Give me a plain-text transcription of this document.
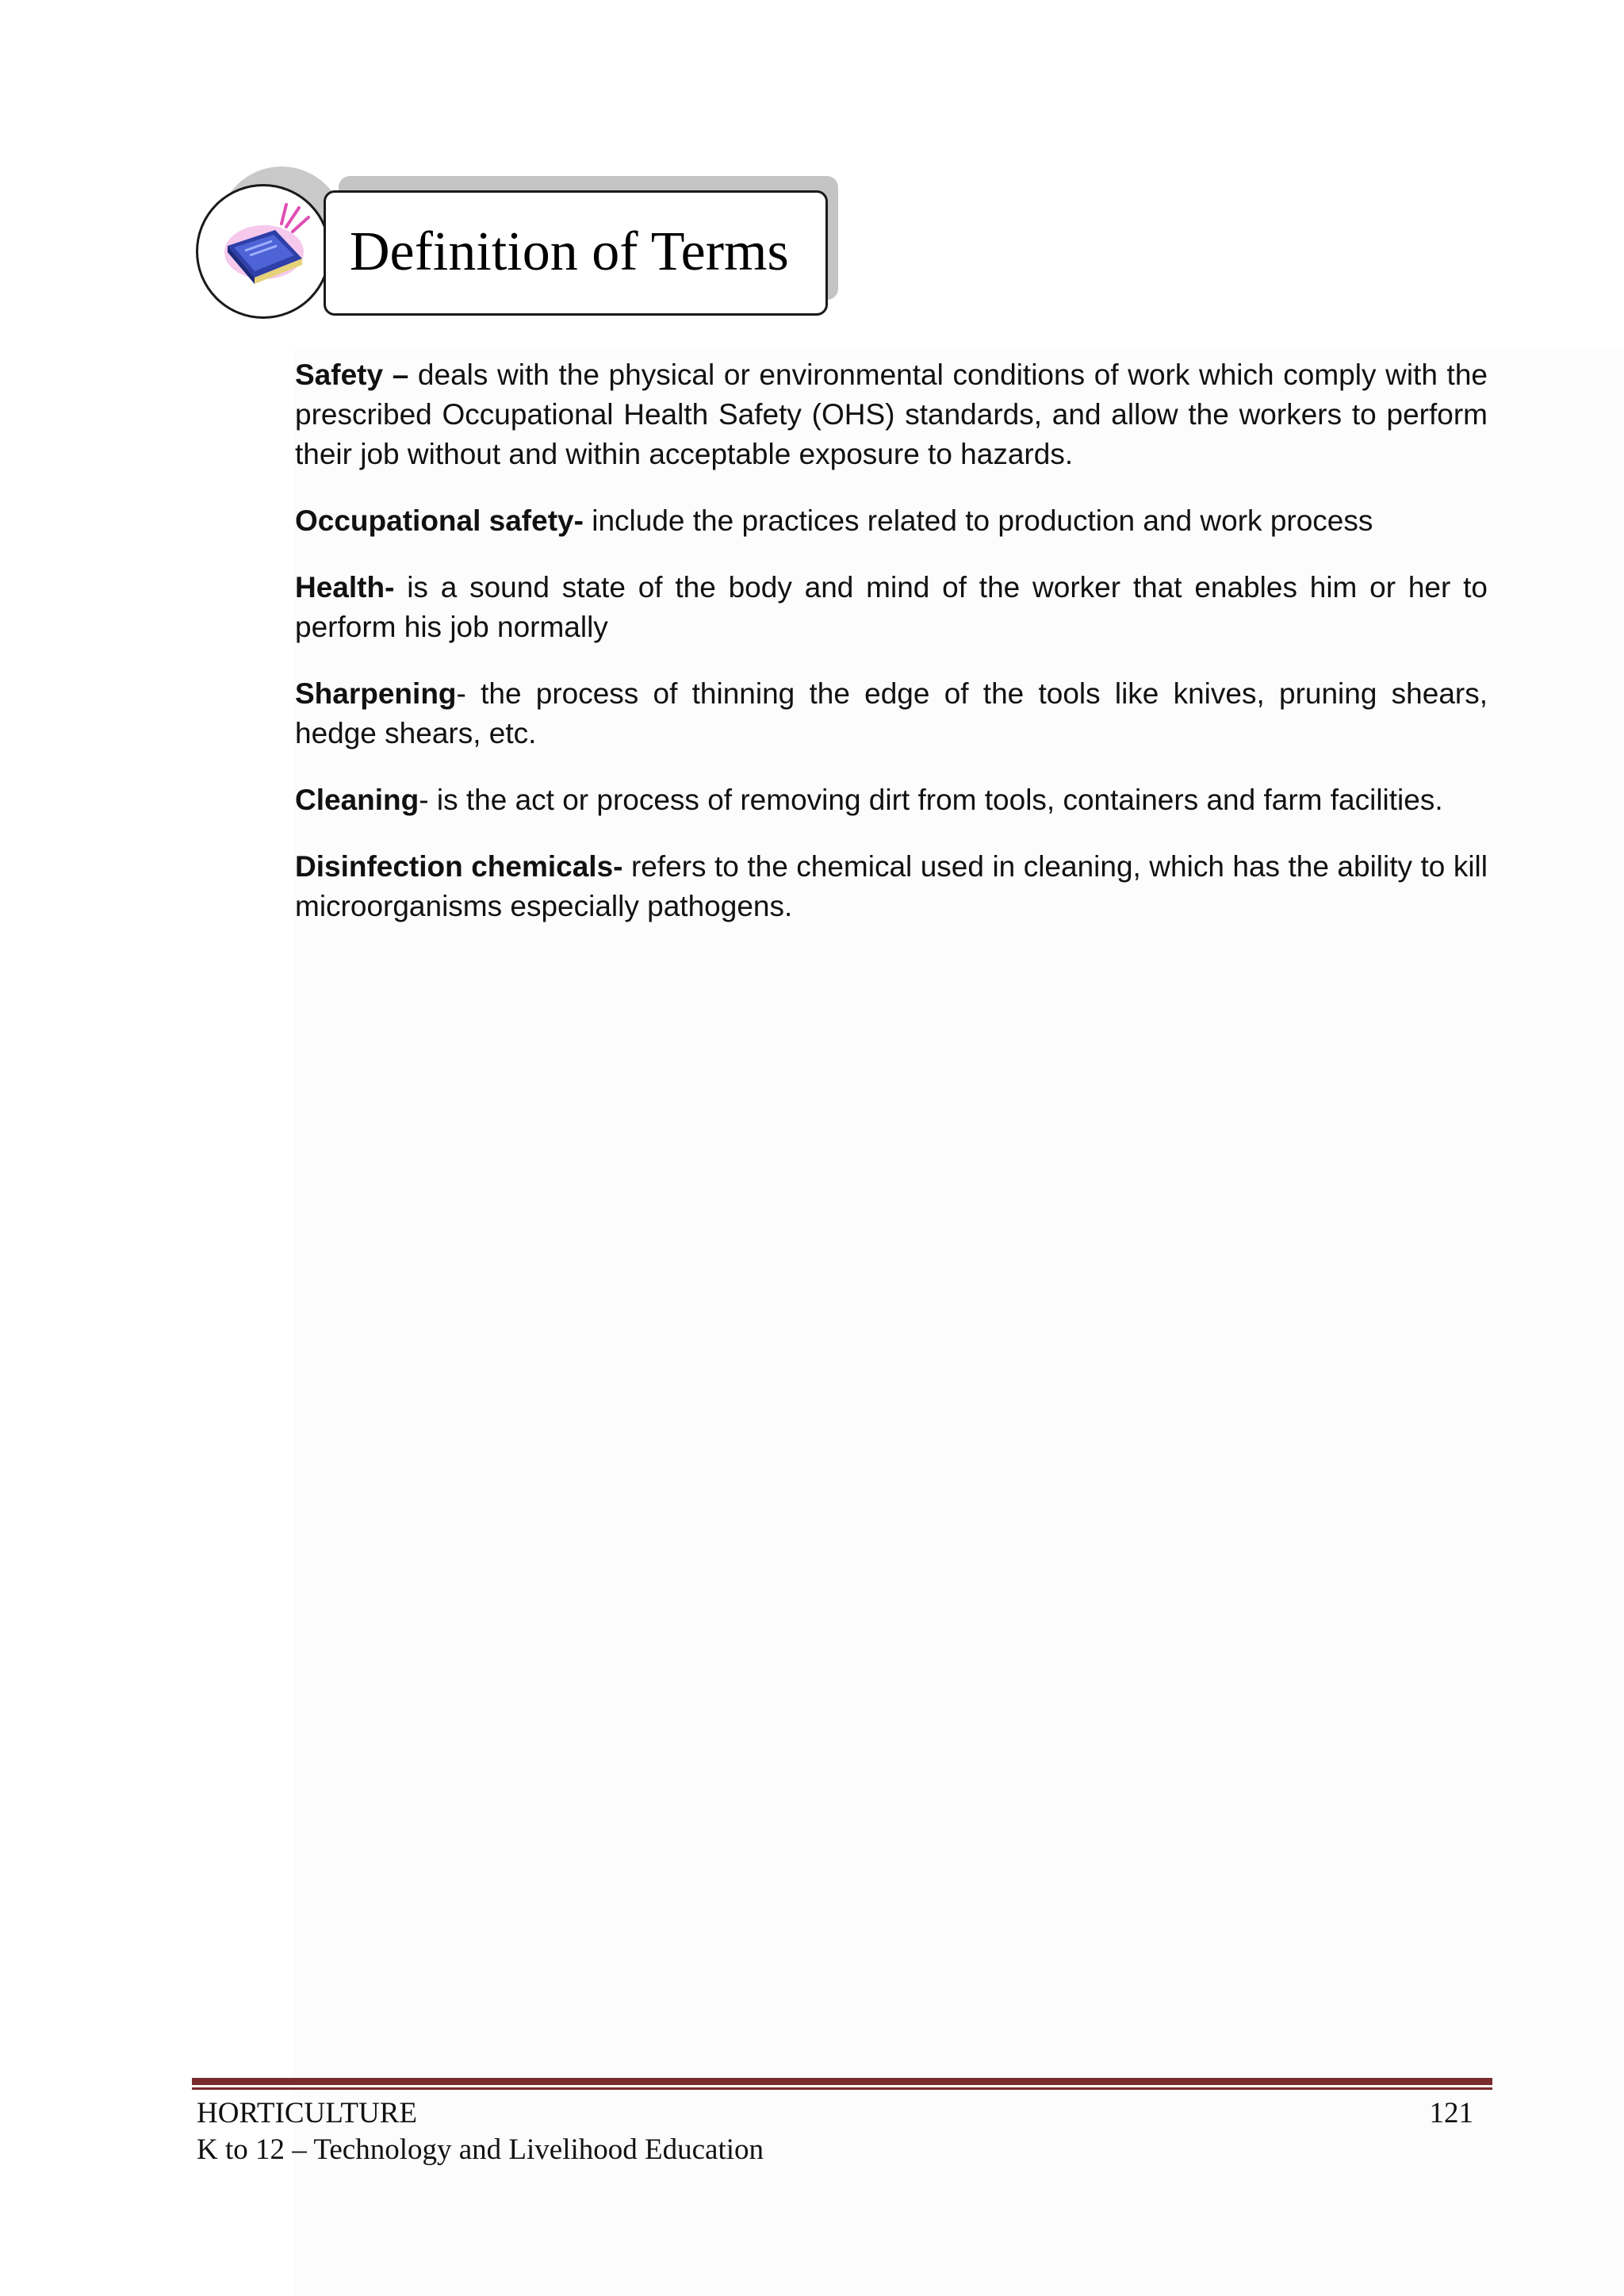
Definition of Terms

Safety – deals with the physical or environmental conditions of work which comply with the prescribed Occupational Health Safety (OHS) standards, and allow the workers to perform their job without and within acceptable exposure to hazards.

Occupational safety- include the practices related to production and work process

Health- is a sound state of the body and mind of the worker that enables him or her to perform his job normally

Sharpening- the process of thinning the edge of the tools like knives, pruning shears, hedge shears, etc.

Cleaning- is the act or process of removing dirt from tools, containers and farm facilities.

Disinfection chemicals- refers to the chemical used in cleaning, which has the ability to kill microorganisms especially pathogens.

HORTICULTURE
K to 12 – Technology and Livelihood Education
121
